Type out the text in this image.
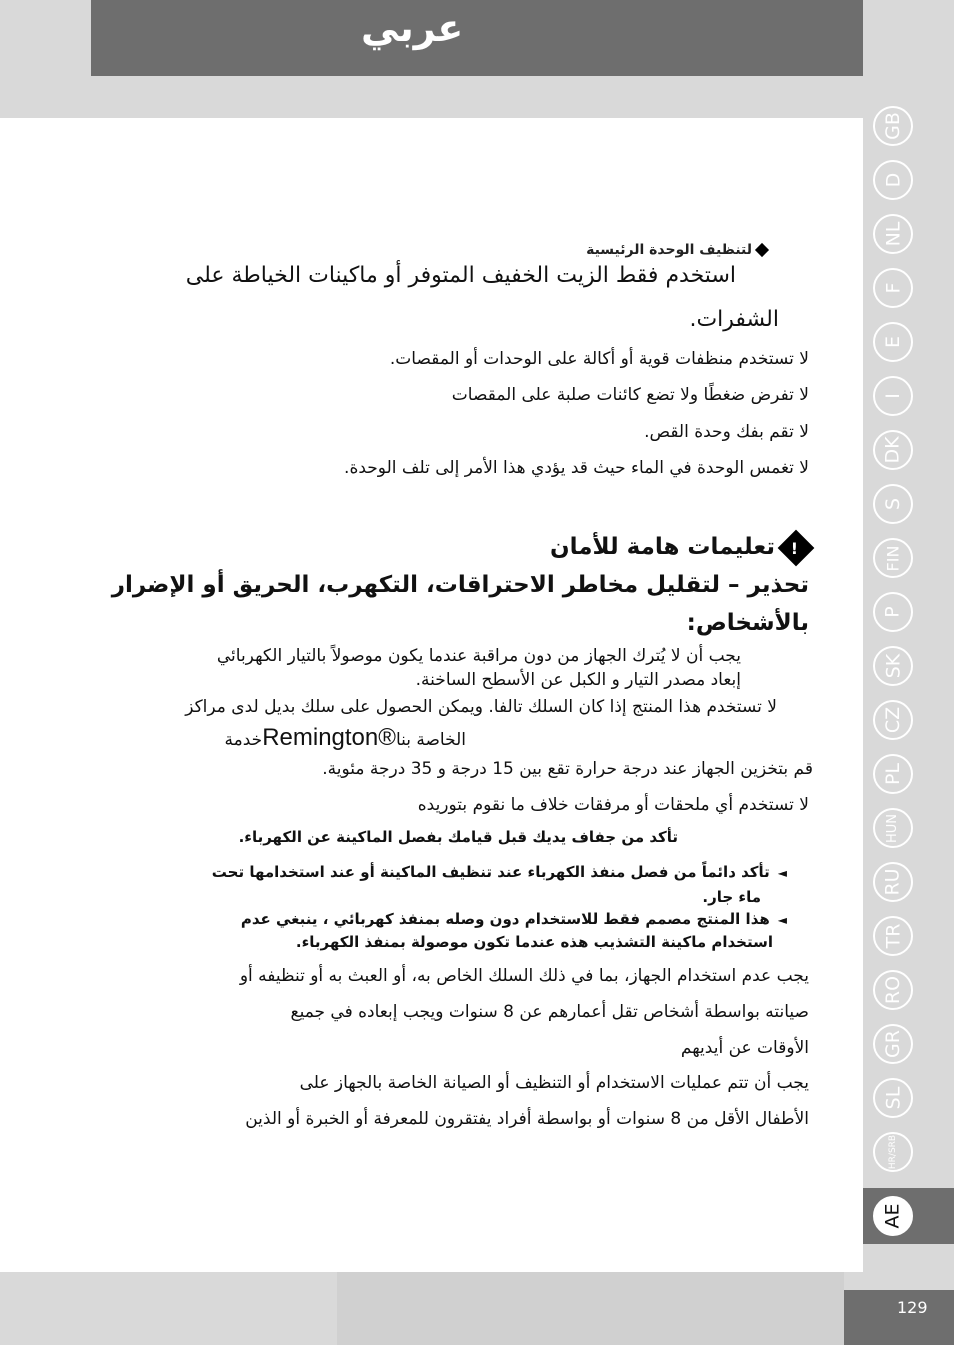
عربي
لتنظيف الوحدة الرئيسية
استخدم فقط الزيت الخفيف المتوفر أو ماكينات الخياطة على
الشفرات.
لا تستخدم منظفات قوية أو أكالة على الوحدات أو المقصات.
لا تفرض ضغطًا ولا تضع كائنات صلبة على المقصات
لا تقم بفك وحدة القص.
لا تغمس الوحدة في الماء حيث قد يؤدي هذا الأمر إلى تلف الوحدة.
!تعليمات هامة للأمان
تحذير – لتقليل مخاطر الاحتراقات، التكهرب، الحريق أو الإضرار
بالأشخاص:
يجب أن لا يُترك الجهاز من دون مراقبة عندما يكون موصولاً بالتيار الكهربائي
إبعاد مصدر التيار و الكبل عن الأسطح الساخنة.
لا تستخدم هذا المنتج إذا كان السلك تالفا. ويمكن الحصول على سلك بديل لدى مراكز
الخاصة بناRemington®خدمة
قم بتخزين الجهاز عند درجة حرارة تقع بين 15 درجة و 35 درجة مئوية.
لا تستخدم أي ملحقات أو مرفقات خلاف ما نقوم بتوريده
تأكد من جفاف يديك قبل قيامك بفصل الماكينة عن الكهرباء.
◄تأكد دائماً من فصل منفذ الكهرباء عند تنظيف الماكينة أو عند استخدامها تحت
ماء جار.
◄هذا المنتج مصمم فقط للاستخدام دون وصله بمنفذ كهربائي ، ينبغي عدم
استخدام ماكينة التشذيب هذه عندما تكون موصولة بمنفذ الكهرباء.
يجب عدم استخدام الجهاز، بما في ذلك السلك الخاص به، أو العبث به أو تنظيفه أو
صيانته بواسطة أشخاص تقل أعمارهم عن 8 سنوات ويجب إبعاده في جميع
الأوقات عن أيديهم
يجب أن تتم عمليات الاستخدام أو التنظيف أو الصيانة الخاصة بالجهاز على
الأطفال الأقل من 8 سنوات أو بواسطة أفراد يفتقرون للمعرفة أو الخبرة أو الذين
GB
D
NL
F
E
I
DK
S
FIN
P
SK
CZ
PL
HUN
RU
TR
RO
GR
SL
HR/SRB
AE
129
